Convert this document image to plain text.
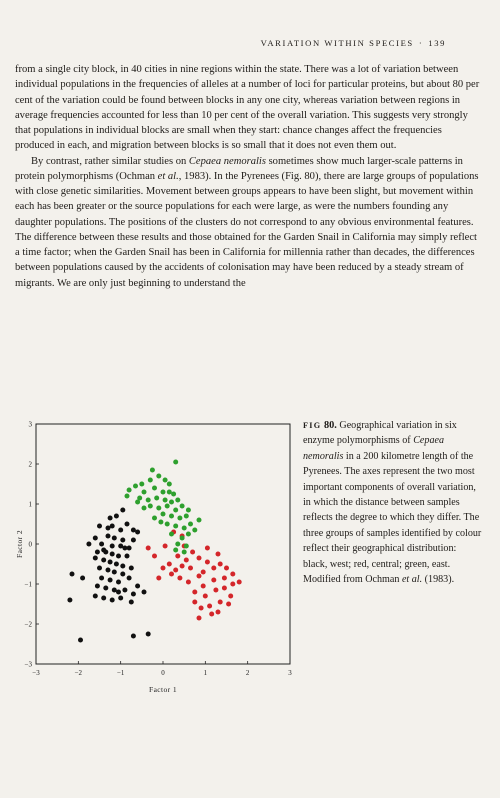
VARIATION WITHIN SPECIES · 139

from a single city block, in 40 cities in nine regions within the state. There was a lot of variation between individual populations in the frequencies of alleles at a number of loci for particular proteins, but about 80 per cent of the variation could be found between blocks in any one city, whereas variation between regions in average frequencies accounted for less than 10 per cent of the overall variation. This suggests very strongly that populations in individual blocks are small when they start: chance changes affect the frequencies produced in each, and migration between blocks is so small that it does not even them out.

By contrast, rather similar studies on Cepaea nemoralis sometimes show much larger-scale patterns in protein polymorphisms (Ochman et al., 1983). In the Pyrenees (Fig. 80), there are large groups of populations with close genetic similarities. Movement between groups appears to have been slight, but movement within each has been greater or the source populations for each were large, as were the numbers founding any daughter populations. The positions of the clusters do not correspond to any obvious environmental features. The difference between these results and those obtained for the Garden Snail in California may simply reflect a time factor; when the Garden Snail has been in California for millennia rather than decades, the differences between populations caused by the accidents of colonisation may have been reduced by a steady stream of migrants. We are only just beginning to understand the

−3	−2	−1	0	1	2	3
−3
−2
−1
0
1
2
3
Factor 1
Factor 2
FIG 80. Geographical variation in six enzyme polymorphisms of Cepaea nemoralis in a 200 kilometre length of the Pyrenees. The axes represent the two most important components of overall variation, in which the distance between samples reflects the degree to which they differ. The three groups of samples identified by colour reflect their geographical distribution: black, west; red, central; green, east. Modified from Ochman et al. (1983).
